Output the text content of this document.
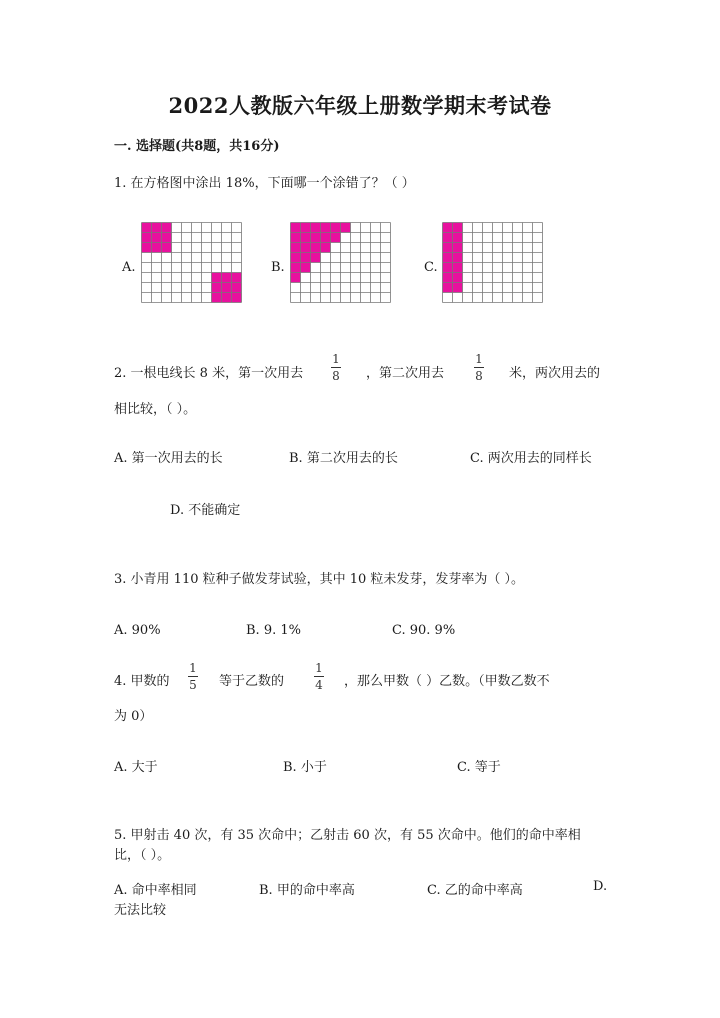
2022人教版六年级上册数学期末考试卷
一. 选择题(共8题，共16分)
1. 在方格图中涂出 18%，下面哪一个涂错了？（ ）
A.	B.	C.
2. 一根电线长 8 米，第一次用去
1
8 ，第二次用去
1
8 米，两次用去的
相比较，（ ）。
A. 第一次用去的长	B. 第二次用去的长	C. 两次用去的同样长
D. 不能确定
3. 小青用 110 粒种子做发芽试验，其中 10 粒未发芽，发芽率为（ ）。
A. 90%	B. 9. 1%	C. 90. 9%
4. 甲数的
1
5 等于乙数的
1
4 ，那么甲数（ ）乙数。（甲数乙数不
为 0）
A. 大于	B. 小于	C. 等于
5. 甲射击 40 次，有 35 次命中；乙射击 60 次，有 55 次命中。他们的命中率相
比，（ ）。
A. 命中率相同	B. 甲的命中率高	C. 乙的命中率高	D.
无法比较
